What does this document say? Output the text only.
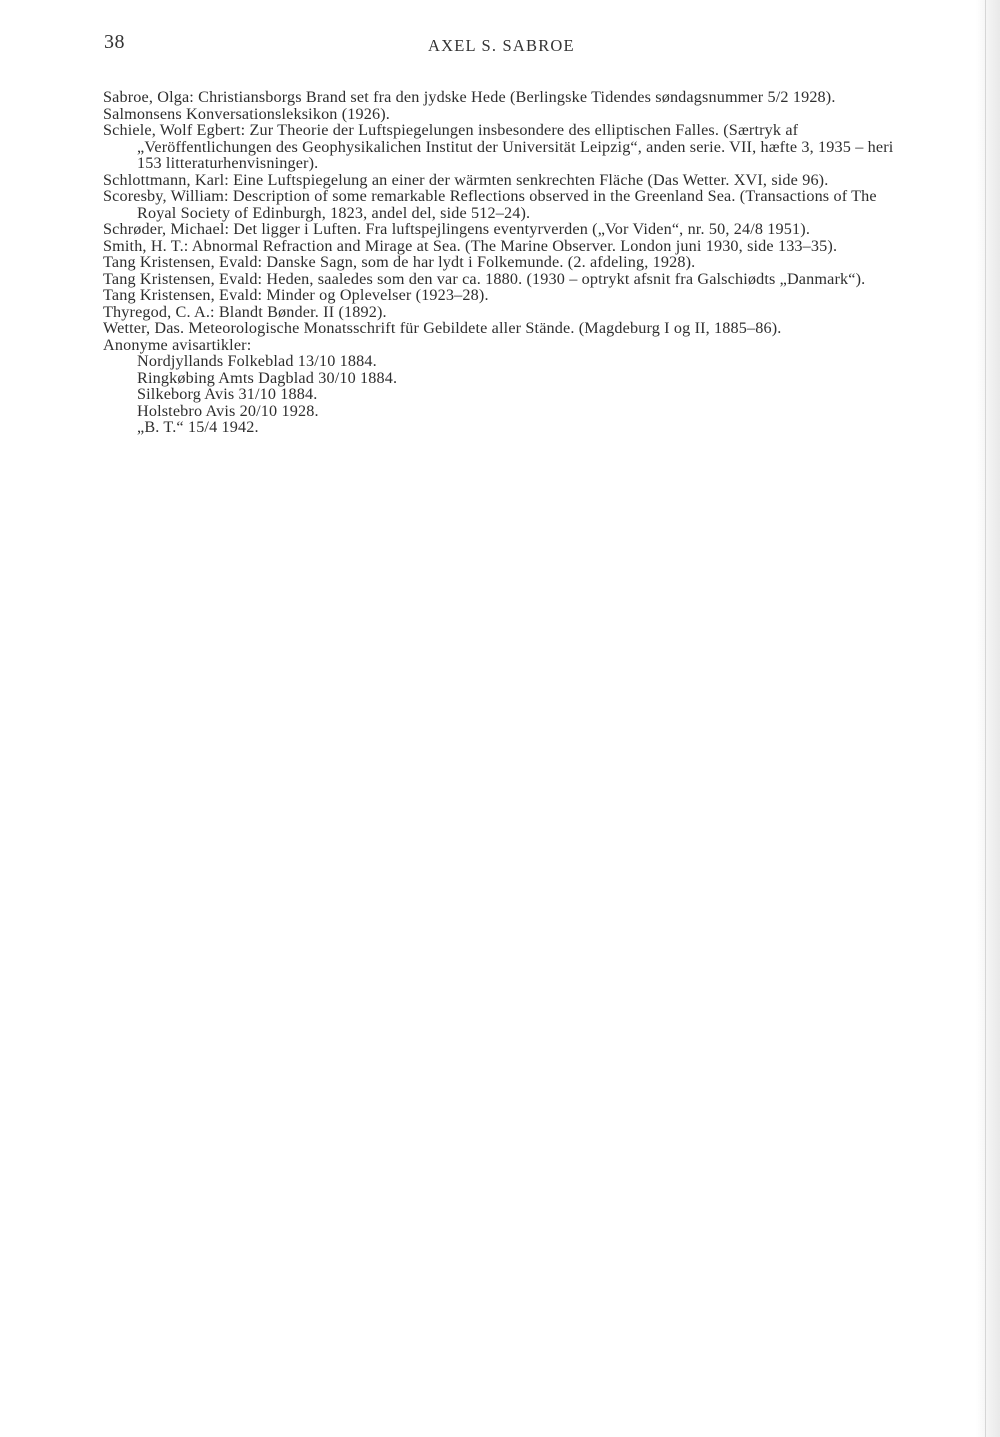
38	AXEL S. SABROE
Sabroe, Olga: Christiansborgs Brand set fra den jydske Hede (Berlingske Tidendes søndagsnummer 5/2 1928).
Salmonsens Konversationsleksikon (1926).
Schiele, Wolf Egbert: Zur Theorie der Luftspiegelungen insbesondere des elliptischen Falles. (Særtryk af „Veröffentlichungen des Geophysikalichen Institut der Universität Leipzig“, anden serie. VII, hæfte 3, 1935 – heri 153 litteraturhenvisninger).
Schlottmann, Karl: Eine Luftspiegelung an einer der wärmten senkrechten Fläche (Das Wetter. XVI, side 96).
Scoresby, William: Description of some remarkable Reflections observed in the Greenland Sea. (Transactions of The Royal Society of Edinburgh, 1823, andel del, side 512–24).
Schrøder, Michael: Det ligger i Luften. Fra luftspejlingens eventyrverden („Vor Viden“, nr. 50, 24/8 1951).
Smith, H. T.: Abnormal Refraction and Mirage at Sea. (The Marine Observer. London juni 1930, side 133–35).
Tang Kristensen, Evald: Danske Sagn, som de har lydt i Folkemunde. (2. afdeling, 1928).
Tang Kristensen, Evald: Heden, saaledes som den var ca. 1880. (1930 – optrykt afsnit fra Galschiødts „Danmark“).
Tang Kristensen, Evald: Minder og Oplevelser (1923–28).
Thyregod, C. A.: Blandt Bønder. II (1892).
Wetter, Das. Meteorologische Monatsschrift für Gebildete aller Stände. (Magdeburg I og II, 1885–86).
Anonyme avisartikler:
Nordjyllands Folkeblad 13/10 1884.
Ringkøbing Amts Dagblad 30/10 1884.
Silkeborg Avis 31/10 1884.
Holstebro Avis 20/10 1928.
„B. T.“ 15/4 1942.
